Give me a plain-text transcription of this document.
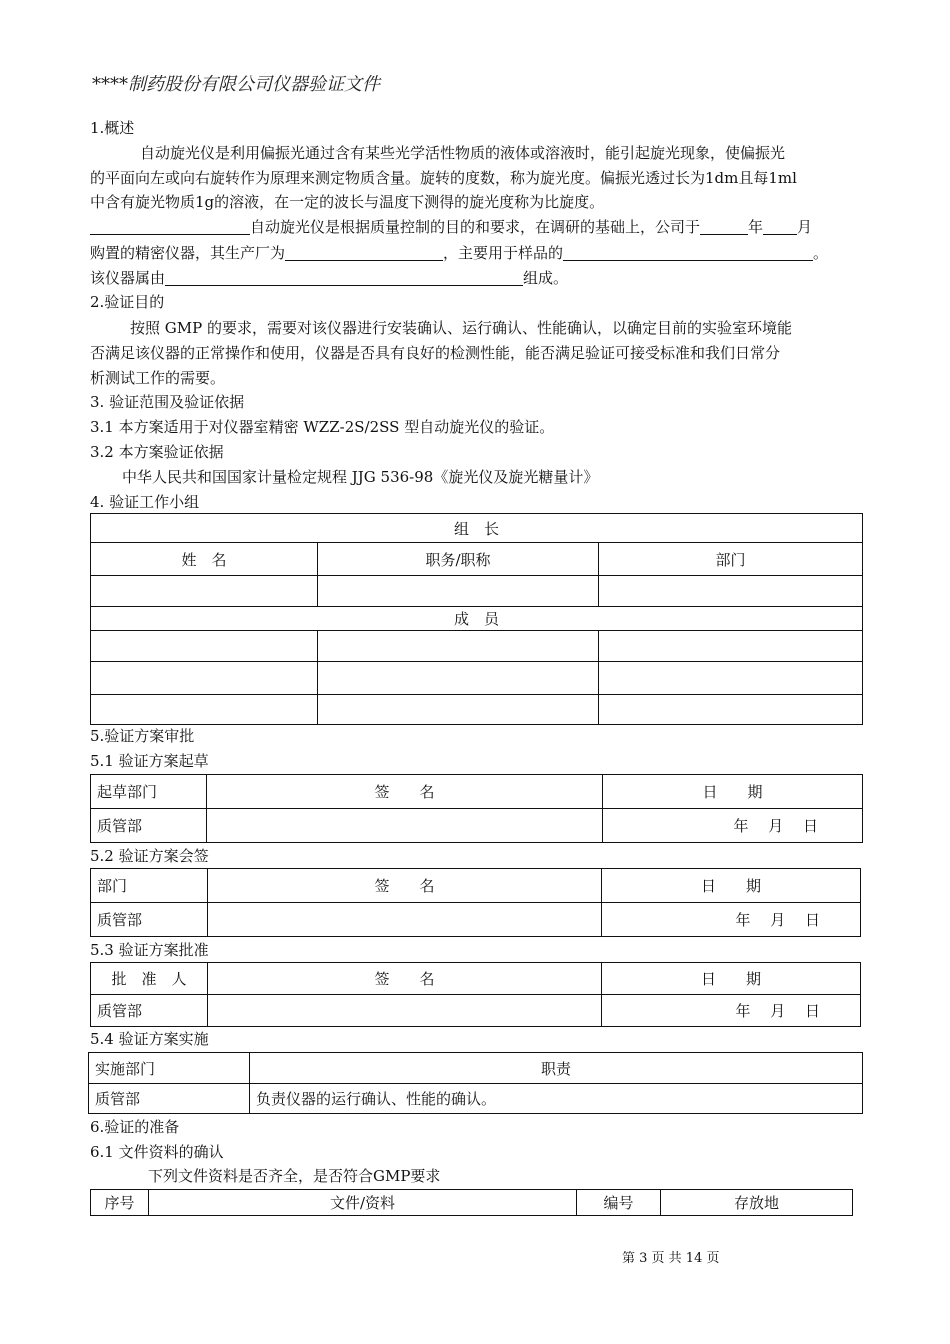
****制药股份有限公司仪器验证文件
1.概述
自动旋光仪是利用偏振光通过含有某些光学活性物质的液体或溶液时，能引起旋光现象，使偏振光
的平面向左或向右旋转作为原理来测定物质含量。旋转的度数，称为旋光度。偏振光透过长为1dm且每1ml
中含有旋光物质1g的溶液，在一定的波长与温度下测得的旋光度称为比旋度。
自动旋光仪是根据质量控制的目的和要求，在调研的基础上，公司于	年 月
购置的精密仪器，其生产厂为	，主要用于样品的	。
该仪器属由	组成。
2.验证目的
按照 GMP 的要求，需要对该仪器进行安装确认、运行确认、性能确认，以确定目前的实验室环境能
否满足该仪器的正常操作和使用，仪器是否具有良好的检测性能，能否满足验证可接受标准和我们日常分
析测试工作的需要。
3. 验证范围及验证依据
3.1 本方案适用于对仪器室精密 WZZ-2S/2SS 型自动旋光仪的验证。
3.2 本方案验证依据
中华人民共和国国家计量检定规程 JJG 536-98《旋光仪及旋光糖量计》
4. 验证工作小组
组　长		
姓　名	职务/职称	部门

成　员		

5.验证方案审批
5.1 验证方案起草
起草部门	签　　名	日　　期
质管部		年　 月　 日
5.2 验证方案会签
部门	签　　名	日　　期
质管部		年　 月　 日
5.3 验证方案批准
批　准　人	签　　名	日　　期
质管部		年　 月　 日
5.4 验证方案实施
实施部门	职责
质管部	负责仪器的运行确认、性能的确认。
6.验证的准备
6.1 文件资料的确认
下列文件资料是否齐全，是否符合GMP要求
序号	文件/资料	编号	存放地
第 3 页 共 14 页
